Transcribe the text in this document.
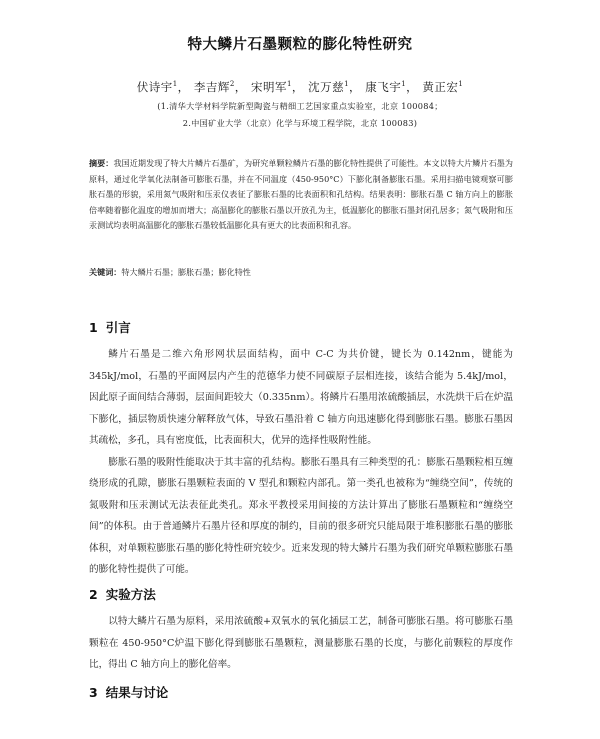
特大鳞片石墨颗粒的膨化特性研究
伏诗宇$^1$， 李吉辉$^2$， 宋明军$^1$， 沈万慈$^1$， 康飞宇$^1$， 黄正宏$^1$
(1.清华大学材料学院新型陶瓷与精细工艺国家重点实验室，北京 100084；
2.中国矿业大学（北京）化学与环境工程学院，北京 100083)
摘要：我国近期发现了特大片鳞片石墨矿，为研究单颗粒鳞片石墨的膨化特性提供了可能性。本文以特大片鳞片石墨为原料，通过化学氧化法制备可膨胀石墨，并在不同温度（450-950°C）下膨化制备膨胀石墨。采用扫描电镜观察可膨胀石墨的形貌，采用氮气吸附和压汞仪表征了膨胀石墨的比表面积和孔结构。结果表明：膨胀石墨 C 轴方向上的膨胀倍率随着膨化温度的增加而增大；高温膨化的膨胀石墨以开放孔为主，低温膨化的膨胀石墨封闭孔居多；氮气吸附和压汞测试均表明高温膨化的膨胀石墨较低温膨化具有更大的比表面积和孔容。
关键词：特大鳞片石墨；膨胀石墨；膨化特性
1 引言

鳞片石墨是二维六角形网状层面结构，面中 C-C 为共价键，键长为 0.142nm，键能为345kJ/mol，石墨的平面网层内产生的范德华力使不同碳原子层相连接，该结合能为 5.4kJ/mol，因此原子面间结合薄弱，层面间距较大（0.335nm）。将鳞片石墨用浓硫酸插层，水洗烘干后在炉温下膨化，插层物质快速分解释放气体，导致石墨沿着 C 轴方向迅速膨化得到膨胀石墨。膨胀石墨因其疏松，多孔，具有密度低，比表面积大，优异的选择性吸附性能。

膨胀石墨的吸附性能取决于其丰富的孔结构。膨胀石墨具有三种类型的孔：膨胀石墨颗粒相互缠绕形成的孔隙，膨胀石墨颗粒表面的 V 型孔和颗粒内部孔。第一类孔也被称为“缠绕空间”，传统的氮吸附和压汞测试无法表征此类孔。郑永平教授采用间接的方法计算出了膨胀石墨颗粒和“缠绕空间”的体积。由于普通鳞片石墨片径和厚度的制约，目前的很多研究只能局限于堆积膨胀石墨的膨胀体积，对单颗粒膨胀石墨的膨化特性研究较少。近来发现的特大鳞片石墨为我们研究单颗粒膨胀石墨的膨化特性提供了可能。

2 实验方法

以特大鳞片石墨为原料，采用浓硫酸+双氧水的氧化插层工艺，制备可膨胀石墨。将可膨胀石墨颗粒在 450-950°C炉温下膨化得到膨胀石墨颗粒，测量膨胀石墨的长度，与膨化前颗粒的厚度作比，得出 C 轴方向上的膨化倍率。

3 结果与讨论
